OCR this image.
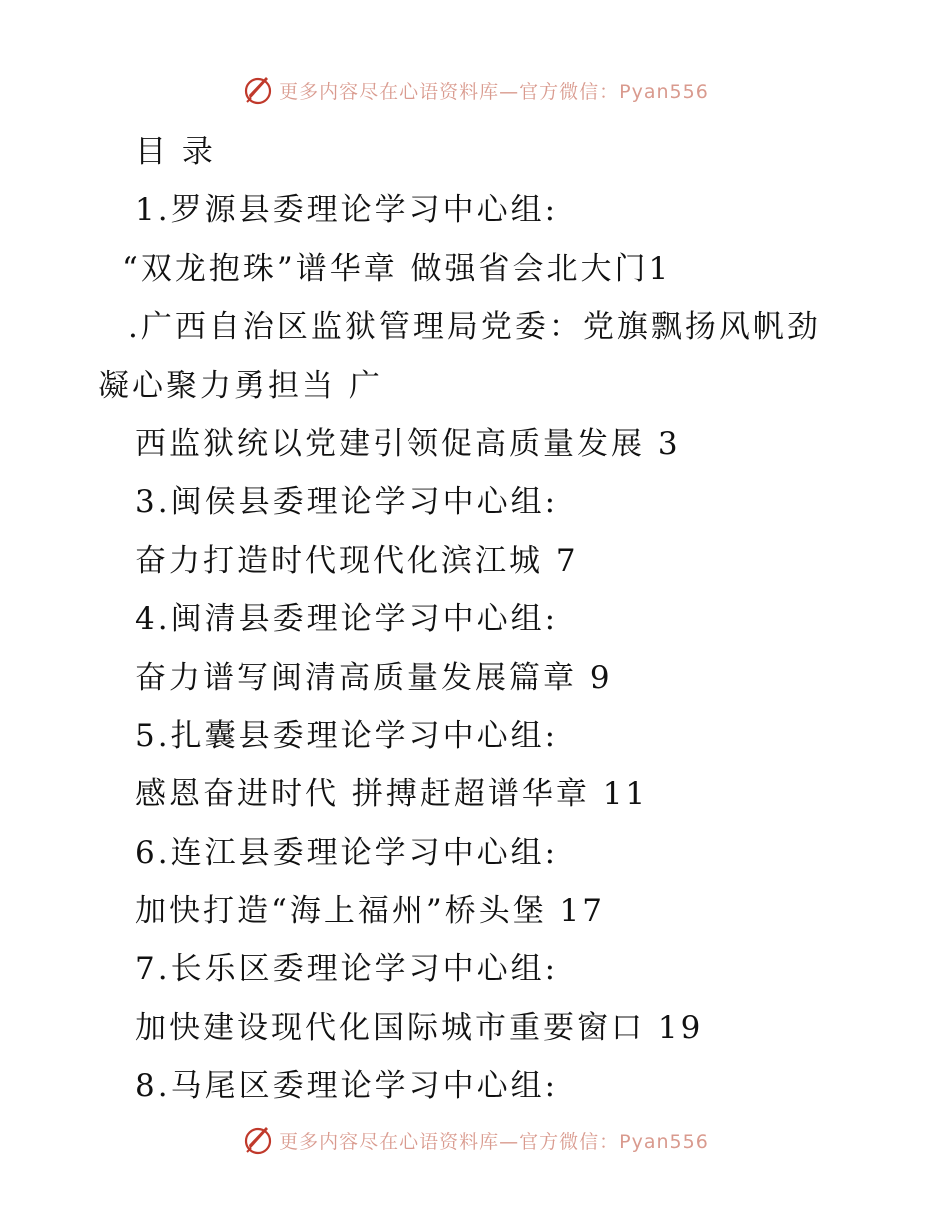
更多内容尽在心语资料库—官方微信：Pyan556
目 录
1.罗源县委理论学习中心组:
“双龙抱珠”谱华章 做强省会北大门1
.广西自治区监狱管理局党委：党旗飘扬风帆劲
凝心聚力勇担当 广
西监狱统以党建引领促高质量发展 3
3.闽侯县委理论学习中心组:
奋力打造时代现代化滨江城 7
4.闽清县委理论学习中心组:
奋力谱写闽清高质量发展篇章 9
5.扎囊县委理论学习中心组:
感恩奋进时代 拼搏赶超谱华章 11
6.连江县委理论学习中心组:
加快打造“海上福州”桥头堡 17
7.长乐区委理论学习中心组:
加快建设现代化国际城市重要窗口 19
8.马尾区委理论学习中心组:
更多内容尽在心语资料库—官方微信：Pyan556
